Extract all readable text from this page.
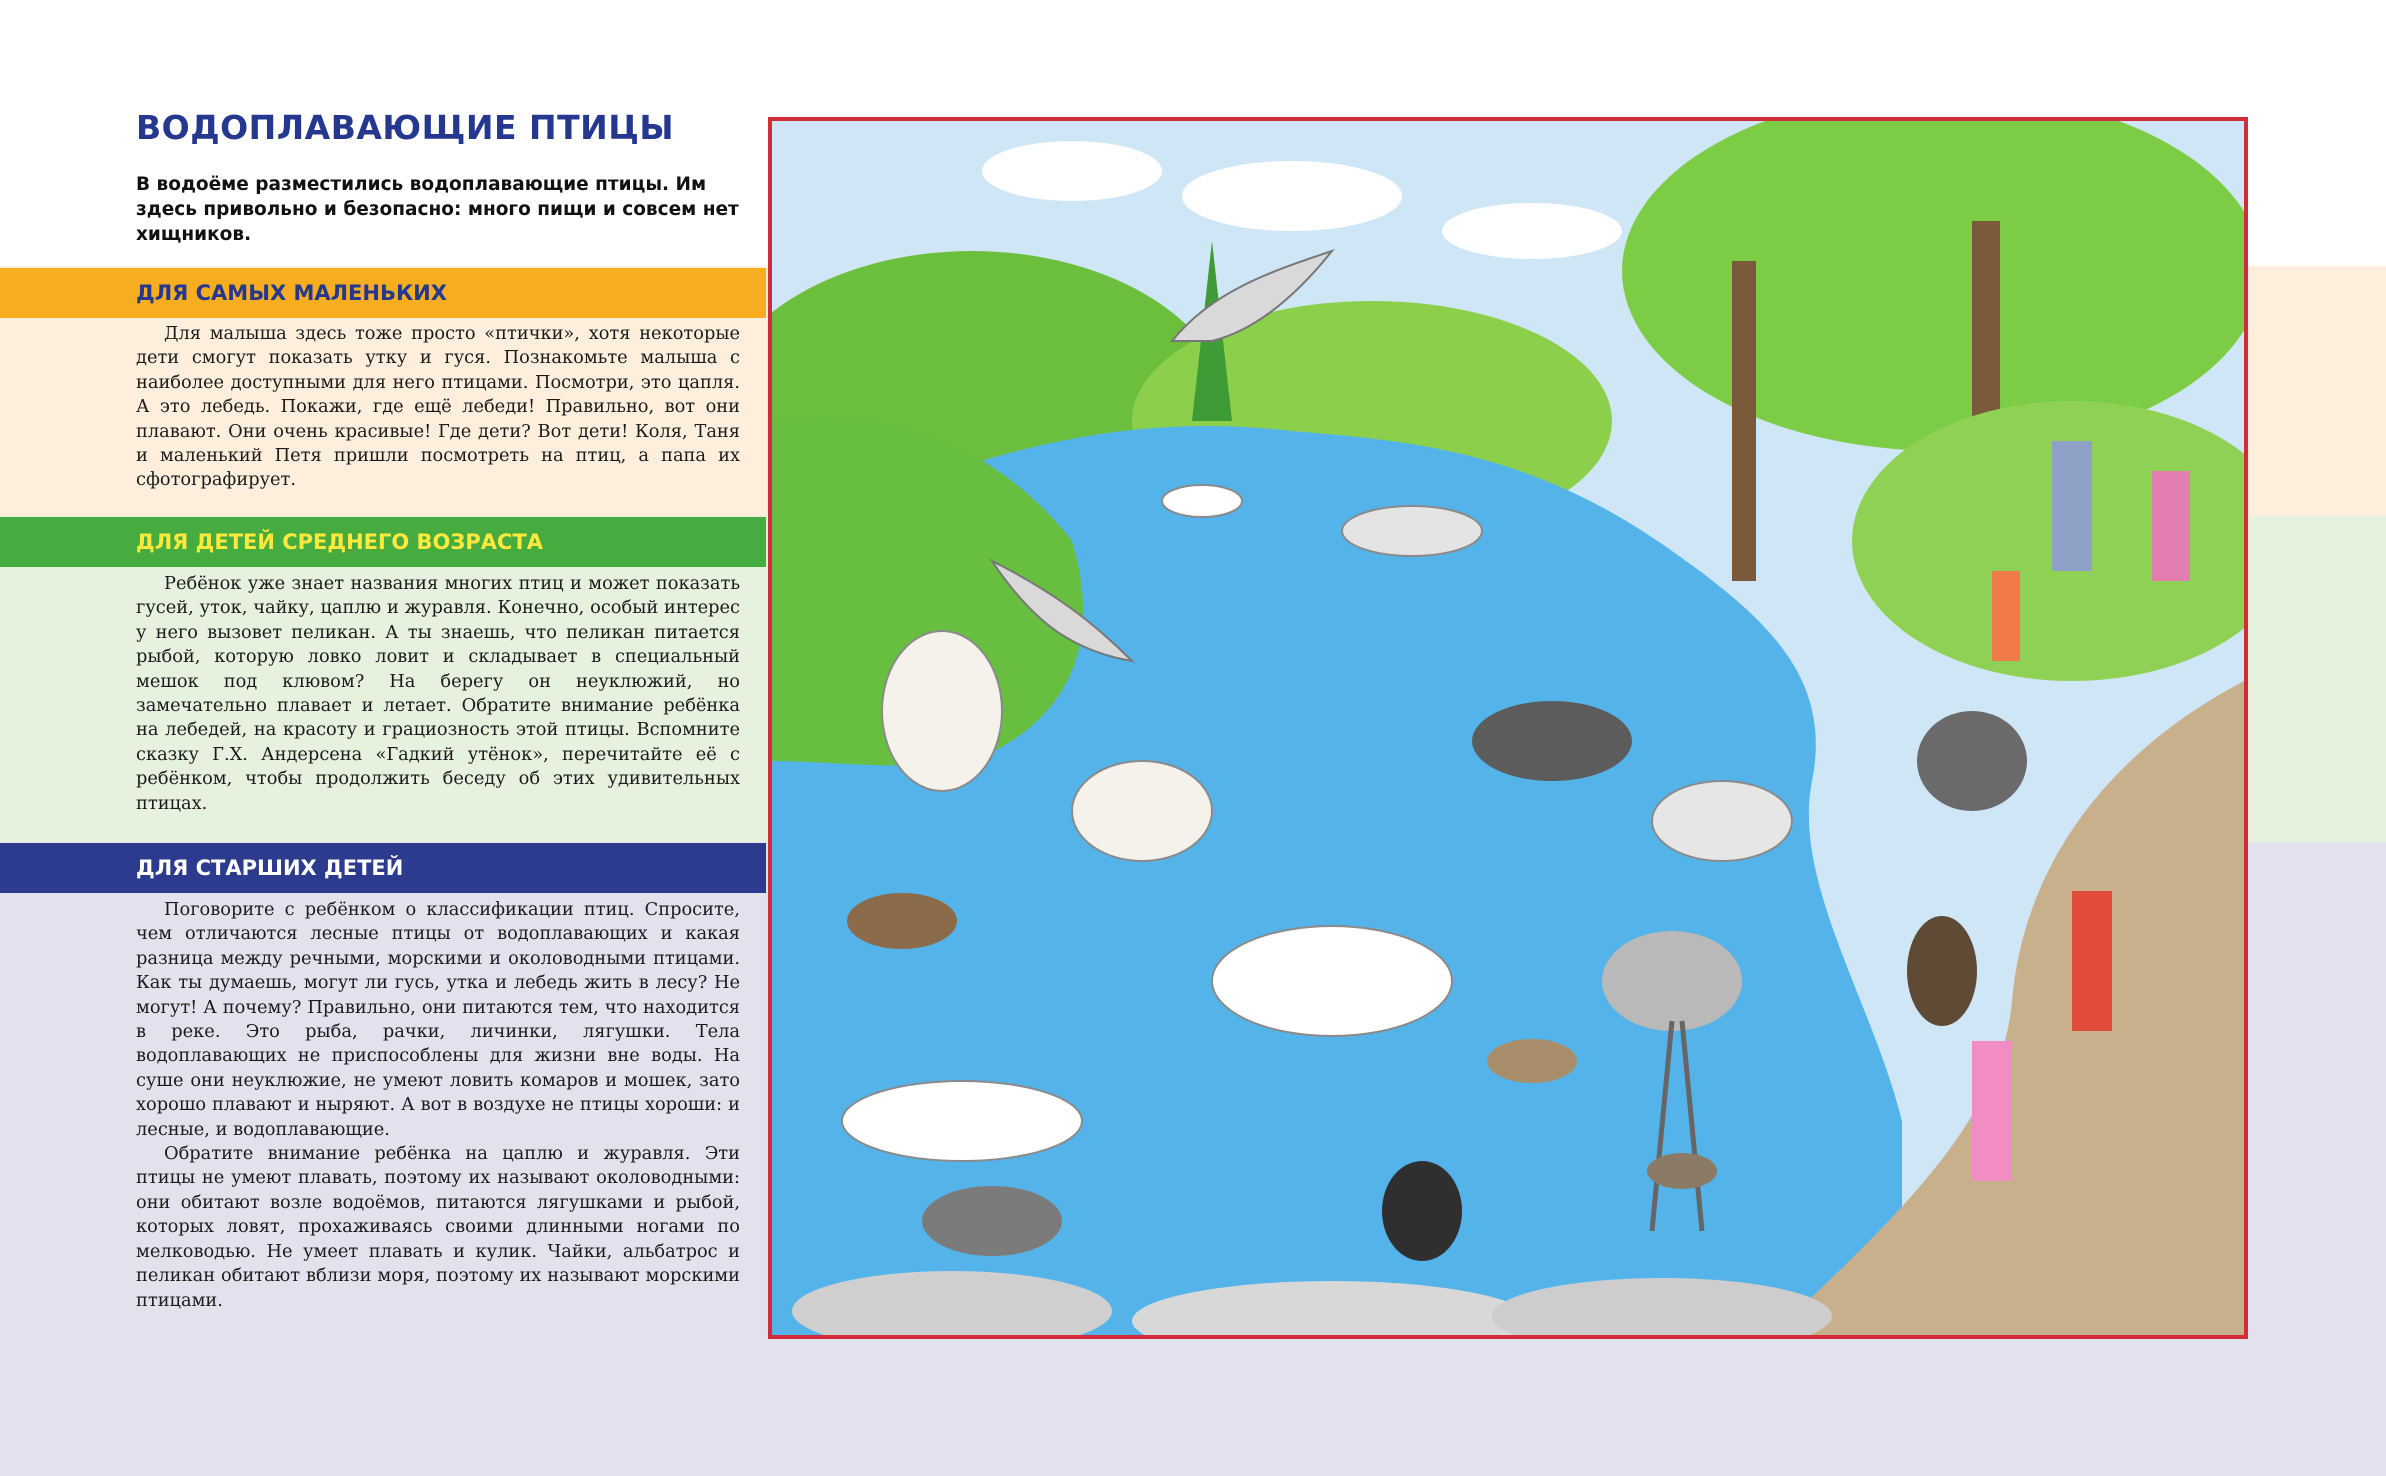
ВОДОПЛАВАЮЩИЕ ПТИЦЫ
В водоёме разместились водоплавающие птицы. Им здесь привольно и безопасно: много пищи и совсем нет хищников.
ДЛЯ САМЫХ МАЛЕНЬКИХ

Для малыша здесь тоже просто «птички», хотя некоторые дети смогут показать утку и гуся. Познакомьте малыша с наиболее доступными для него птицами. Посмотри, это цапля. А это лебедь. Покажи, где ещё лебеди! Правильно, вот они плавают. Они очень красивые! Где дети? Вот дети! Коля, Таня и маленький Петя пришли посмотреть на птиц, а папа их сфотографирует.

ДЛЯ ДЕТЕЙ СРЕДНЕГО ВОЗРАСТА

Ребёнок уже знает названия многих птиц и может показать гусей, уток, чайку, цаплю и журавля. Конечно, особый интерес у него вызовет пеликан. А ты знаешь, что пеликан питается рыбой, которую ловко ловит и складывает в специальный мешок под клювом? На берегу он неуклюжий, но замечательно плавает и летает. Обратите внимание ребёнка на лебедей, на красоту и грациозность этой птицы. Вспомните сказку Г.Х. Андерсена «Гадкий утёнок», перечитайте её с ребёнком, чтобы продолжить беседу об этих удивительных птицах.

ДЛЯ СТАРШИХ ДЕТЕЙ

Поговорите с ребёнком о классификации птиц. Спросите, чем отличаются лесные птицы от водоплавающих и какая разница между речными, морскими и околоводными птицами. Как ты думаешь, могут ли гусь, утка и лебедь жить в лесу? Не могут! А почему? Правильно, они питаются тем, что находится в реке. Это рыба, рачки, личинки, лягушки. Тела водоплавающих не приспособлены для жизни вне воды. На суше они неуклюжие, не умеют ловить комаров и мошек, зато хорошо плавают и ныряют. А вот в воздухе не птицы хороши: и лесные, и водоплавающие.

Обратите внимание ребёнка на цаплю и журавля. Эти птицы не умеют плавать, поэтому их называют околоводными: они обитают возле водоёмов, питаются лягушками и рыбой, которых ловят, прохаживаясь своими длинными ногами по мелководью. Не умеет плавать и кулик. Чайки, альбатрос и пеликан обитают вблизи моря, поэтому их называют морскими птицами.
